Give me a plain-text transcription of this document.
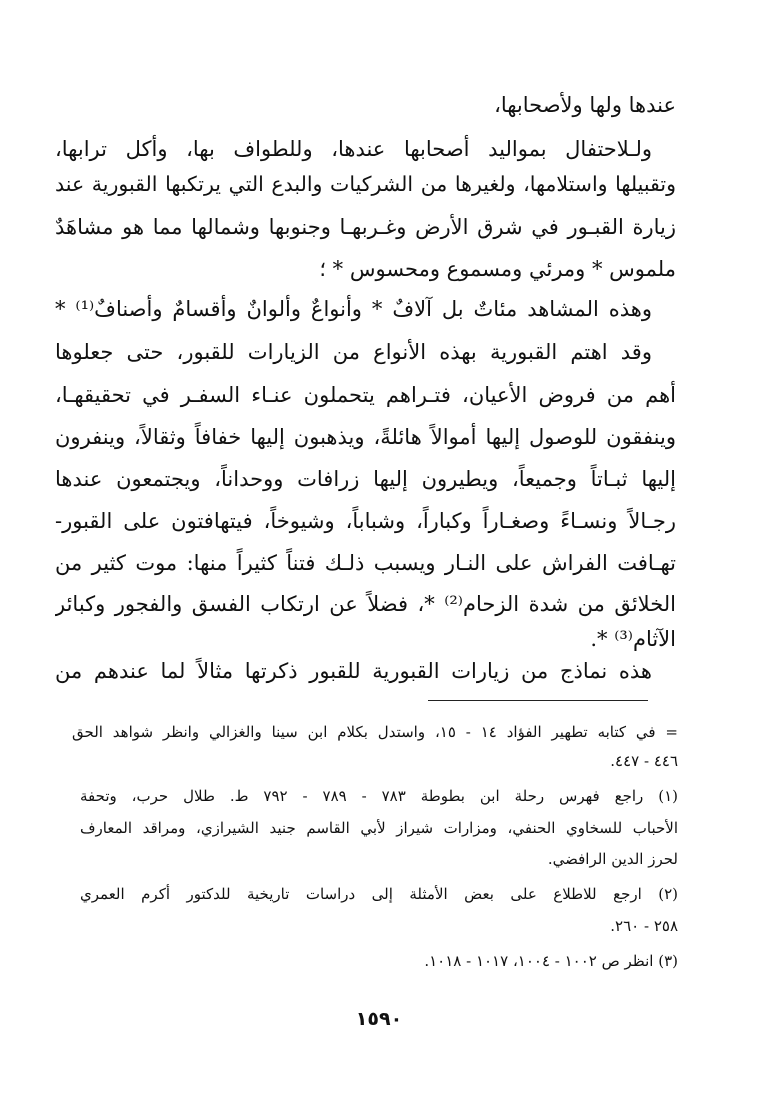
عندها ولها ولأصحابها،
ولـلاحتفال بمواليد أصحابها عندها، وللطواف بها، وأكل ترابها،
وتقبيلها واستلامها، ولغيرها من الشركيات والبدع التي يرتكبها القبورية عند
زيارة القبـور في شرق الأرض وغـربهـا وجنوبها وشمالها مما هو مشاهَدٌ
ملموس * ومرئي ومسموع ومحسوس * ؛
وهذه المشاهد مئاتٌ بل آلافٌ * وأنواعٌ وألوانٌ وأقسامٌ وأصنافٌ⁽¹⁾ *
وقد اهتم القبورية بهذه الأنواع من الزيارات للقبور، حتى جعلوها
أهم من فروض الأعيان، فتـراهم يتحملون عنـاء السفـر في تحقيقهـا،
وينفقون للوصول إليها أموالاً هائلةً، ويذهبون إليها خفافاً وثقالاً، وينفرون
إليها ثبـاتاً وجميعاً، ويطيرون إليها زرافات ووحداناً، ويجتمعون عندها
رجـالاً ونسـاءً وصغـاراً وكباراً، وشباباً، وشيوخاً، فيتهافتون على القبور-
تهـافت الفراش على النـار ويسبب ذلـك فتناً كثيراً منها: موت كثير من
الخلائق من شدة الزحام⁽²⁾ *، فضلاً عن ارتكاب الفسق والفجور وكبائر
الآثام⁽³⁾ *.
هذه نماذج من زيارات القبورية للقبور ذكرتها مثالاً لما عندهم من
= في كتابه تطهير الفؤاد ١٤ - ١٥، واستدل بكلام ابن سينا والغزالي وانظر شواهد الحق
٤٤٦ - ٤٤٧.
(١) راجع فهرس رحلة ابن بطوطة ٧٨٣ - ٧٨٩ - ٧٩٢ ط. طلال حرب، وتحفة
الأحباب للسخاوي الحنفي، ومزارات شيراز لأبي القاسم جنيد الشيرازي، ومراقد المعارف
لحرز الدين الرافضي.
(٢) ارجع للاطلاع على بعض الأمثلة إلى دراسات تاريخية للدكتور أكرم العمري
٢٥٨ - ٢٦٠.
(٣) انظر ص ١٠٠٢ - ١٠٠٤، ١٠١٧ - ١٠١٨.
١٥٩٠
